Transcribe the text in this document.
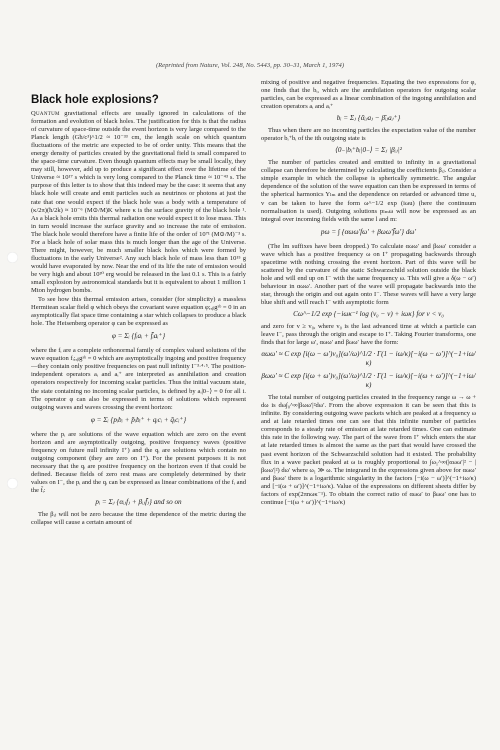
(Reprinted from Nature, Vol. 248, No. 5443, pp. 30–31, March 1, 1974)
Black hole explosions?

Quantum gravitational effects are usually ignored in calculations of the formation and evolution of black holes. The justification for this is that the radius of curvature of space-time outside the event horizon is very large compared to the Planck length (Għ/c³)^1/2 ≈ 10⁻³³ cm, the length scale on which quantum fluctuations of the metric are expected to be of order unity. This means that the energy density of particles created by the gravitational field is small compared to the space-time curvature. Even though quantum effects may be small locally, they may still, however, add up to produce a significant effect over the lifetime of the Universe ≈ 10¹⁷ s which is very long compared to the Planck time ≈ 10⁻⁴³ s. The purpose of this letter is to show that this indeed may be the case: it seems that any black hole will create and emit particles such as neutrinos or photons at just the rate that one would expect if the black hole was a body with a temperature of (κ/2π)(ħ/2k) ≈ 10⁻⁶ (M⊙/M)K where κ is the surface gravity of the black hole ¹. As a black hole emits this thermal radiation one would expect it to lose mass. This in turn would increase the surface gravity and so increase the rate of emission. The black hole would therefore have a finite life of the order of 10⁷¹ (M⊙/M)⁻³ s. For a black hole of solar mass this is much longer than the age of the Universe. There might, however, be much smaller black holes which were formed by fluctuations in the early Universe². Any such black hole of mass less than 10¹⁵ g would have evaporated by now. Near the end of its life the rate of emission would be very high and about 10³⁰ erg would be released in the last 0.1 s. This is a fairly small explosion by astronomical standards but it is equivalent to about 1 million 1 Mton hydrogen bombs.

To see how this thermal emission arises, consider (for simplicity) a massless Hermitean scalar field φ which obeys the covariant wave equation φ;ₐᵦgᵃᵇ = 0 in an asymptotically flat space time containing a star which collapses to produce a black hole. The Heisenberg operator φ can be expressed as

φ = Σᵢ {fᵢaᵢ + f̄ᵢaᵢ⁺}

where the fᵢ are a complete orthonormal family of complex valued solutions of the wave equation fᵢ;ₐᵦgᵃᵇ = 0 which are asymptotically ingoing and positive frequency—they contain only positive frequencies on past null infinity I⁻³·⁴·⁵. The position-independent operators aᵢ and aᵢ⁺ are interpreted as annihilation and creation operators respectively for incoming scalar particles. Thus the initial vacuum state, the state containing no incoming scalar particles, is defined by aᵢ|0₋⟩ = 0 for all i. The operator φ can also be expressed in terms of solutions which represent outgoing waves and waves crossing the event horizon:

φ = Σᵢ {pᵢbᵢ + p̄ᵢbᵢ⁺ + qᵢcᵢ + q̄ᵢcᵢ⁺}

where the pᵢ are solutions of the wave equation which are zero on the event horizon and are asymptotically outgoing, positive frequency waves (positive frequency on future null infinity I⁺) and the qᵢ are solutions which contain no outgoing component (they are zero on I⁺). For the present purposes it is not necessary that the qᵢ are positive frequency on the horizon even if that could be defined. Because fields of zero rest mass are completely determined by their values on I⁻, the pᵢ and the qᵢ can be expressed as linear combinations of the fᵢ and the f̄ᵢ:

pᵢ = Σⱼ {αᵢⱼfⱼ + βᵢⱼf̄ⱼ} and so on

The βᵢⱼ will not be zero because the time dependence of the metric during the collapse will cause a certain amount of

mixing of positive and negative frequencies. Equating the two expressions for φ, one finds that the bᵢ, which are the annihilation operators for outgoing scalar particles, can be expressed as a linear combination of the ingoing annihilation and creation operators aᵢ and aᵢ⁺

bᵢ = Σⱼ {ᾱᵢⱼaⱼ − β̄ᵢⱼaⱼ⁺}

Thus when there are no incoming particles the expectation value of the number operator bᵢ⁺bᵢ of the ith outgoing state is

⟨0₋|bᵢ⁺bᵢ|0₋⟩ = Σⱼ |βᵢⱼ|²

The number of particles created and emitted to infinity in a gravitational collapse can therefore be determined by calculating the coefficients βᵢⱼ. Consider a simple example in which the collapse is spherically symmetric. The angular dependence of the solution of the wave equation can then be expressed in terms of the spherical harmonics Yₗₘ and the dependence on retarded or advanced time u, v can be taken to have the form ω^−1/2 exp (iωu) (here the continuum normalisation is used). Outgoing solutions pₗₘω will now be expressed as an integral over incoming fields with the same l and m:

pω = ∫ {αωω′fω′ + βωω′f̄ω′} dω′

(The lm suffixes have been dropped.) To calculate αωω′ and βωω′ consider a wave which has a positive frequency ω on I⁺ propagating backwards through spacetime with nothing crossing the event horizon. Part of this wave will be scattered by the curvature of the static Schwarzschild solution outside the black hole and will end up on I⁻ with the same frequency ω. This will give a δ(ω − ω′) behaviour in αωω′. Another part of the wave will propagate backwards into the star, through the origin and out again onto I⁻. These waves will have a very large blue shift and will reach I⁻ with asymptotic form

Cω^−1/2 exp {−iωκ⁻¹ log (v₀ − v) + iωκ} for v < v₀

and zero for v ≥ v₀, where v₀ is the last advanced time at which a particle can leave I⁻, pass through the origin and escape to I⁺. Taking Fourier transforms, one finds that for large ω′, αωω′ and βωω′ have the form:

αωω′ ≈ C exp [i(ω − ω′)v₀](ω′/ω)^1/2 · Γ(1 − iω/κ)[−i(ω − ω′)]^(−1+iω/κ)
βωω′ ≈ C exp [i(ω + ω′)v₀](ω′/ω)^1/2 · Γ(1 − iω/κ)[−i(ω + ω′)]^(−1+iω/κ)

The total number of outgoing particles created in the frequency range ω → ω + dω is dω∫₀^∞|βωω′|²dω′. From the above expression it can be seen that this is infinite. By considering outgoing wave packets which are peaked at a frequency ω and at late retarded times one can see that this infinite number of particles corresponds to a steady rate of emission at late retarded times. One can estimate this rate in the following way. The part of the wave from I⁺ which enters the star at late retarded times is almost the same as the part that would have crossed the past event horizon of the Schwarzschild solution had it existed. The probability flux in a wave packet peaked at ω is roughly proportional to ∫ω₁^∞(|αωω′|² − |βωω′|²) dω′ where ω₁ ≫ ω. The integrand in the expressions given above for αωω′ and βωω′ there is a logarithmic singularity in the factors [−i(ω − ω′)]^(−1+iω/κ) and [−i(ω + ω′)]^(−1+iω/κ). Value of the expressions on different sheets differ by factors of exp(2πnωκ⁻¹). To obtain the correct ratio of αωω′ to βωω′ one has to continue [−i(ω + ω′)]^(−1+iω/κ)
